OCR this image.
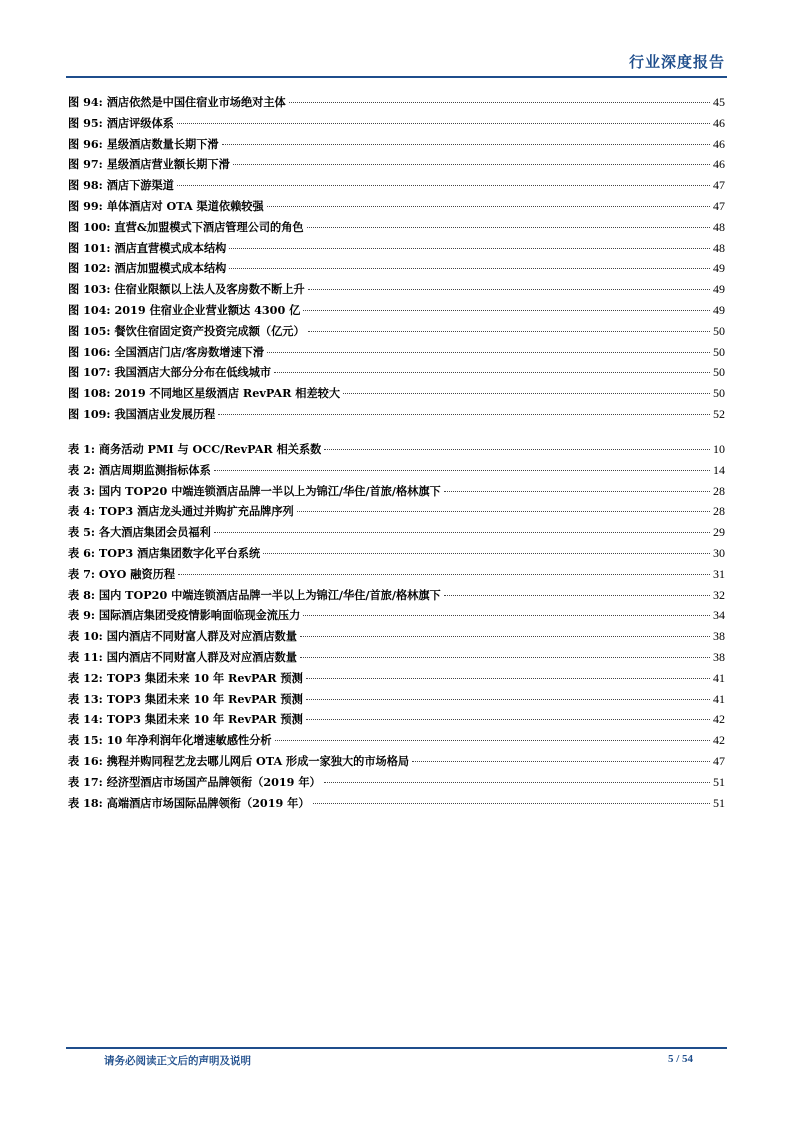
行业深度报告
图 94:
酒店依然是中国住宿业市场绝对主体	45
图 95:
酒店评级体系	46
图 96:
星级酒店数量长期下滑	46
图 97:
星级酒店营业额长期下滑	46
图 98:
酒店下游渠道	47
图 99:
单体酒店对 OTA 渠道依赖较强	47
图 100:
直营&加盟模式下酒店管理公司的角色	48
图 101:
酒店直营模式成本结构	48
图 102:
酒店加盟模式成本结构	49
图 103:
住宿业限额以上法人及客房数不断上升	49
图 104:
2019 住宿业企业营业额达 4300 亿	49
图 105:
餐饮住宿固定资产投资完成额（亿元）	50
图 106:
全国酒店门店/客房数增速下滑	50
图 107:
我国酒店大部分分布在低线城市	50
图 108:
2019 不同地区星级酒店 RevPAR 相差较大	50
图 109:
我国酒店业发展历程	52
表 1:
商务活动 PMI 与 OCC/RevPAR 相关系数	10
表 2:
酒店周期监测指标体系	14
表 3:
国内 TOP20 中端连锁酒店品牌一半以上为锦江/华住/首旅/格林旗下	28
表 4:
TOP3 酒店龙头通过并购扩充品牌序列	28
表 5:
各大酒店集团会员福利	29
表 6:
TOP3 酒店集团数字化平台系统	30
表 7:
OYO 融资历程	31
表 8:
国内 TOP20 中端连锁酒店品牌一半以上为锦江/华住/首旅/格林旗下	32
表 9:
国际酒店集团受疫情影响面临现金流压力	34
表 10:
国内酒店不同财富人群及对应酒店数量	38
表 11:
国内酒店不同财富人群及对应酒店数量	38
表 12:
TOP3 集团未来 10 年 RevPAR 预测	41
表 13:
TOP3 集团未来 10 年 RevPAR 预测	41
表 14:
TOP3 集团未来 10 年 RevPAR 预测	42
表 15:
10 年净利润年化增速敏感性分析	42
表 16:
携程并购同程艺龙去哪儿网后 OTA 形成一家独大的市场格局	47
表 17:
经济型酒店市场国产品牌领衔（2019 年）	51
表 18:
高端酒店市场国际品牌领衔（2019 年）	51
请务必阅读正文后的声明及说明	5 / 54
